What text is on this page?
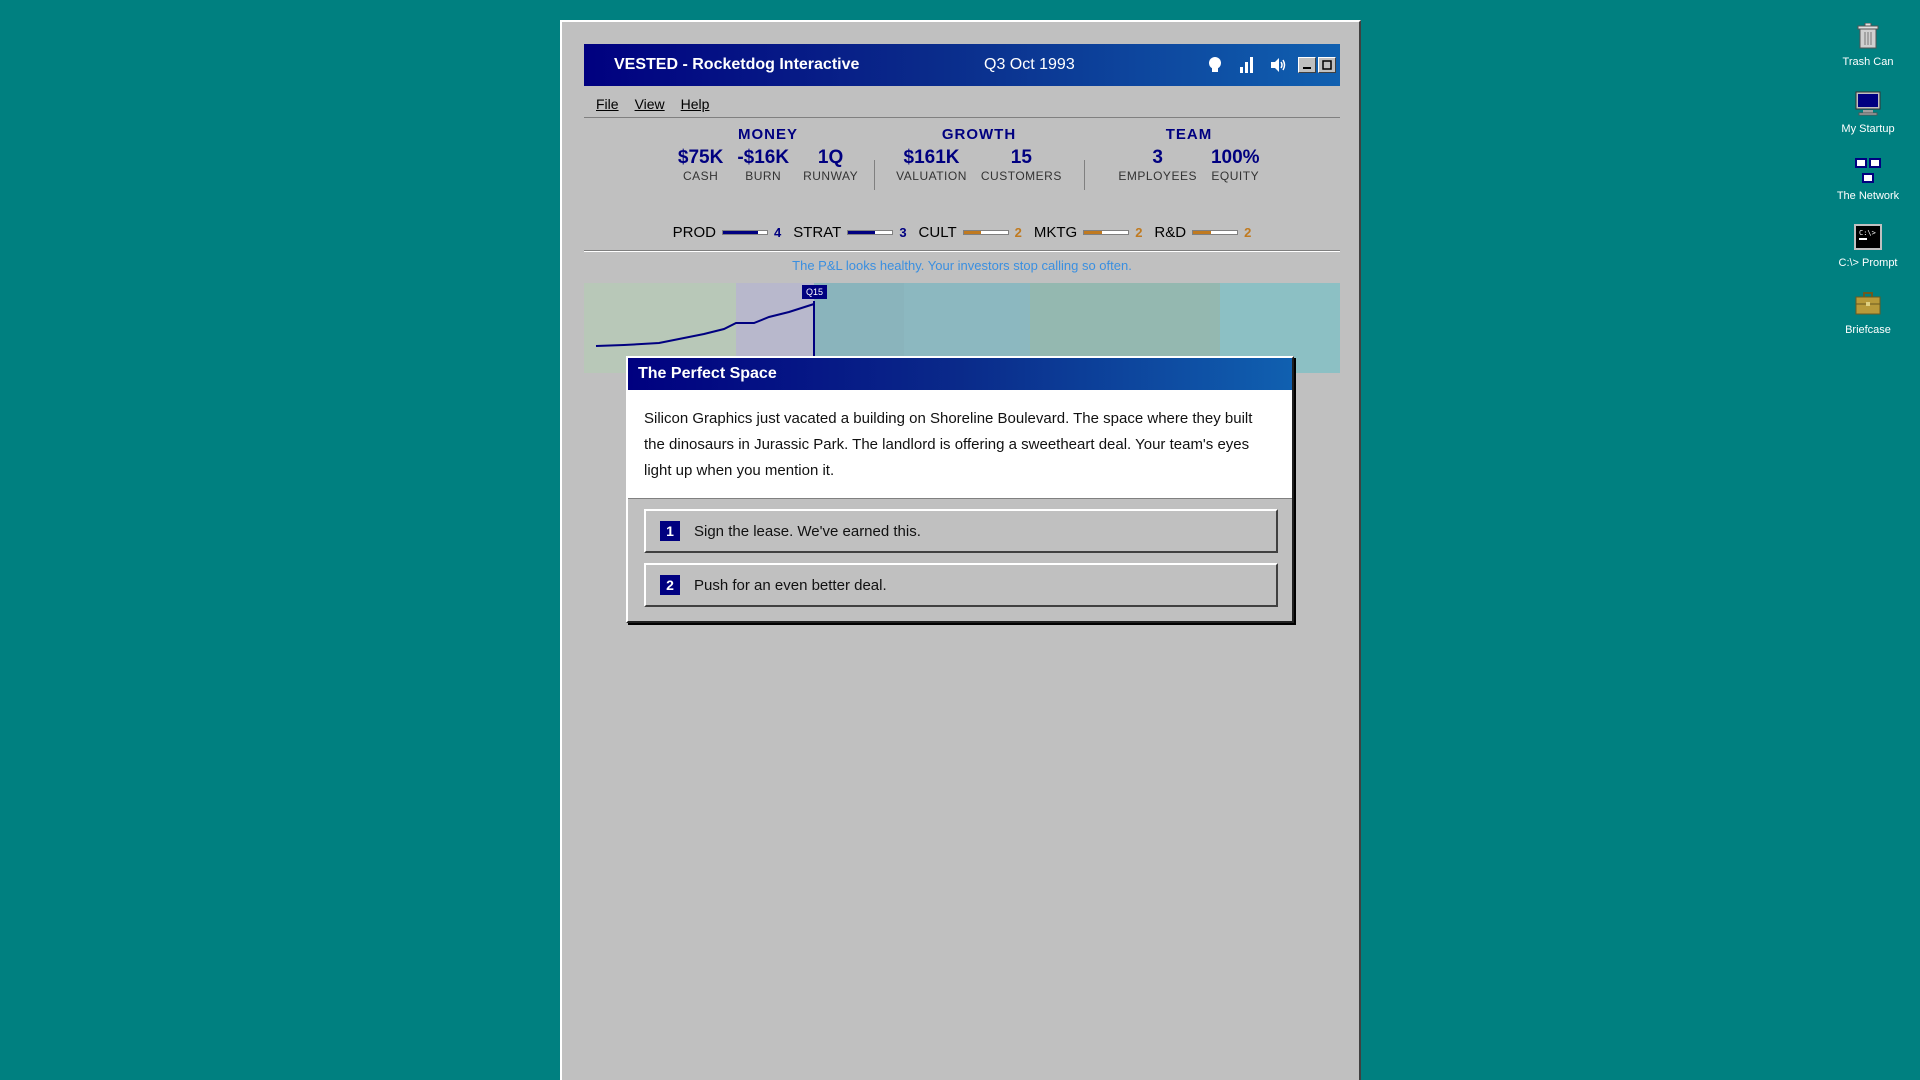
Trash Can
My Startup
The Network
C:\>
C:\> Prompt
Briefcase
VESTED - Rocketdog Interactive	Q3 Oct 1993
File View Help
MONEY
$75K
CASH
-$16K
BURN
1Q
RUNWAY
GROWTH
$161K
VALUATION
15
CUSTOMERS
TEAM
3
EMPLOYEES
100%
EQUITY
PROD	4 STRAT	3 CULT	2 MKTG	2 R&D	2
The P&L looks healthy. Your investors stop calling so often.
Q15
The Perfect Space
Silicon Graphics just vacated a building on Shoreline Boulevard. The space where they built the dinosaurs in Jurassic Park. The landlord is offering a sweetheart deal. Your team's eyes light up when you mention it.
1	Sign the lease. We've earned this.
2	Push for an even better deal.
